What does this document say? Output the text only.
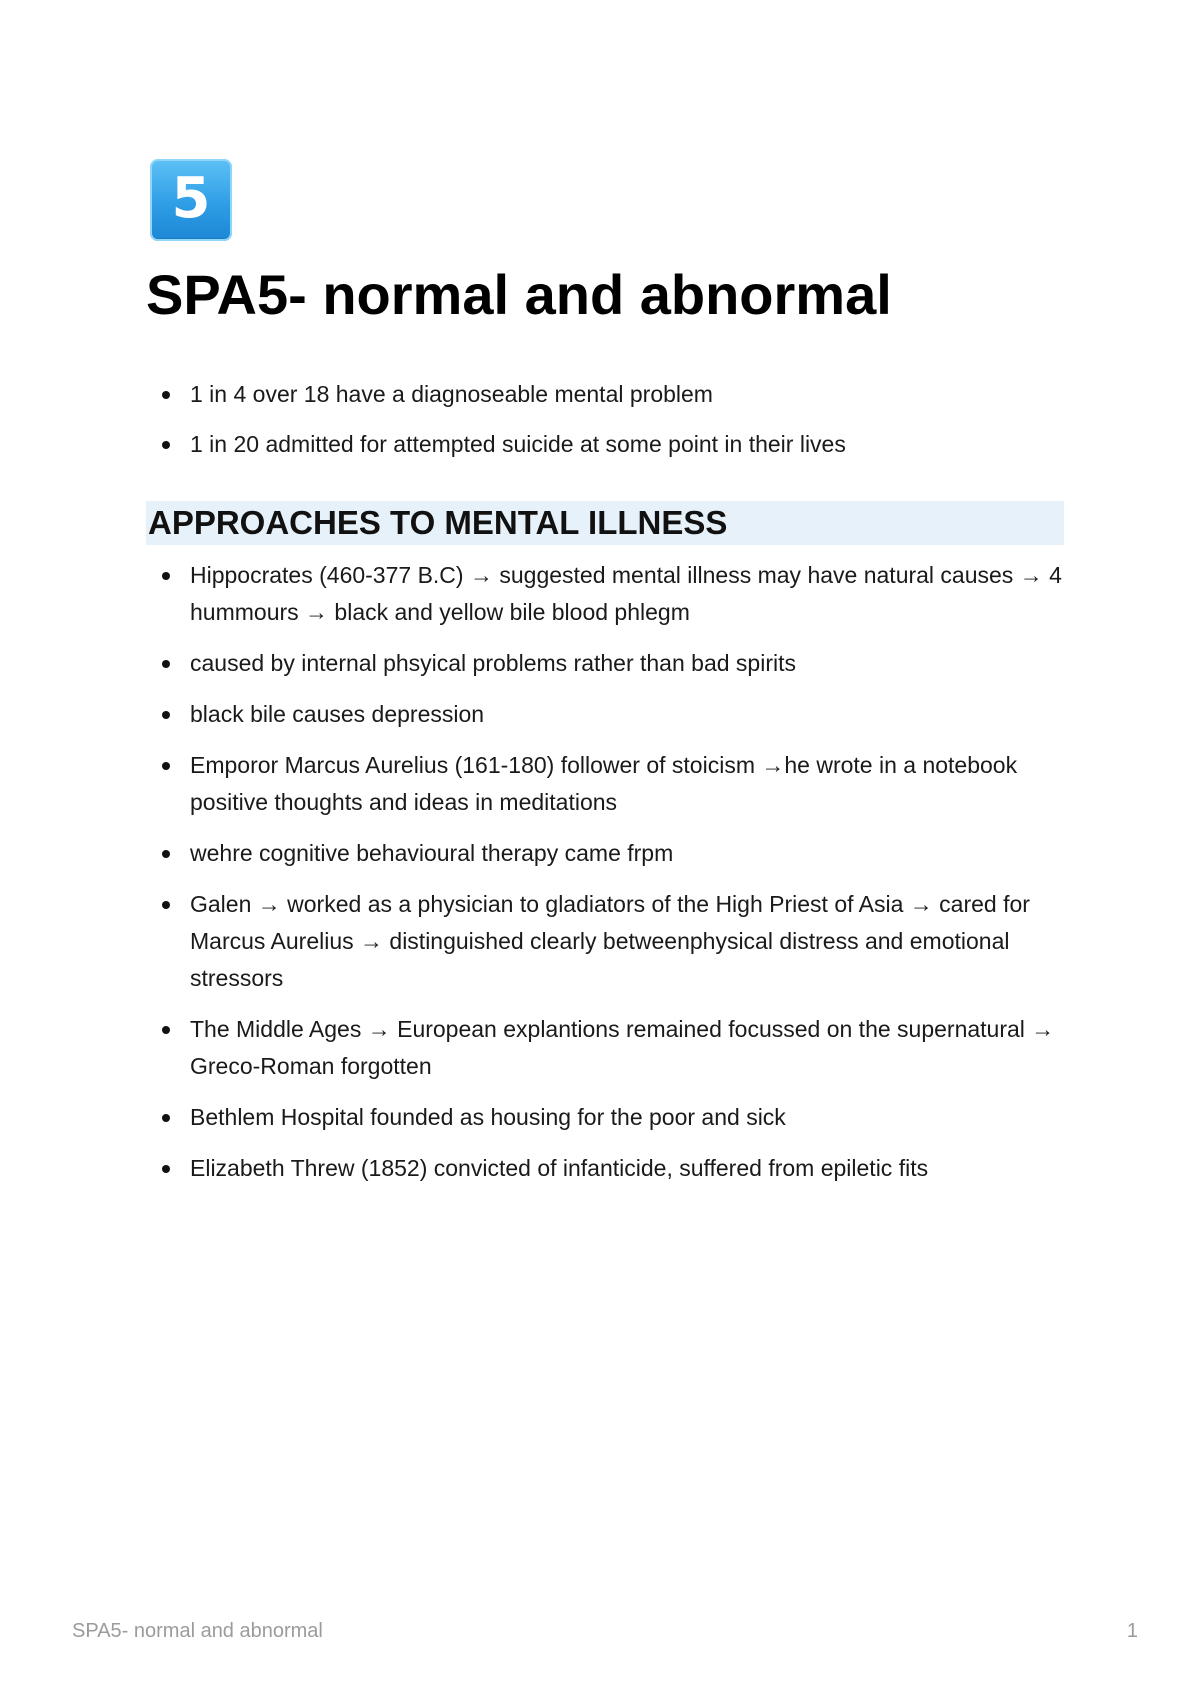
5
SPA5- normal and abnormal
1 in 4 over 18 have a diagnoseable mental problem
1 in 20 admitted for attempted suicide at some point in their lives
APPROACHES TO MENTAL ILLNESS
Hippocrates (460-377 B.C) → suggested mental illness may have natural causes → 4 hummours → black and yellow bile blood phlegm
caused by internal phsyical problems rather than bad spirits
black bile causes depression
Emporor Marcus Aurelius (161-180) follower of stoicism →he wrote in a notebook positive thoughts and ideas in meditations
wehre cognitive behavioural therapy came frpm
Galen → worked as a physician to gladiators of the High Priest of Asia → cared for Marcus Aurelius → distinguished clearly betweenphysical distress and emotional stressors
The Middle Ages → European explantions remained focussed on the supernatural → Greco-Roman forgotten
Bethlem Hospital founded as housing for the poor and sick
Elizabeth Threw (1852) convicted of infanticide, suffered from epiletic fits
SPA5- normal and abnormal	1
